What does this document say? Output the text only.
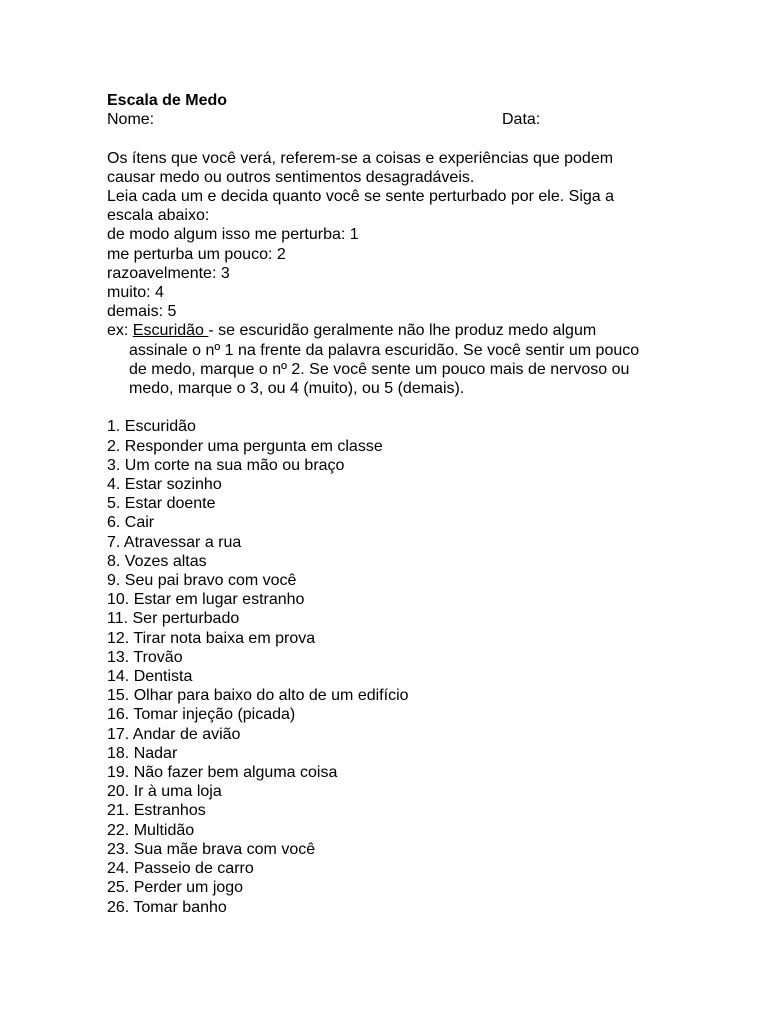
Escala de Medo
Nome:	Data:
Os ítens que você verá, referem-se a coisas e experiências que podem
causar medo ou outros sentimentos desagradáveis.
Leia cada um e decida quanto você se sente perturbado por ele. Siga a
escala abaixo:
de modo algum isso me perturba: 1
me perturba um pouco: 2
razoavelmente: 3
muito: 4
demais: 5
ex: Escuridão - se escuridão geralmente não lhe produz medo algum
assinale o nº 1 na frente da palavra escuridão. Se você sentir um pouco
de medo, marque o nº 2. Se você sente um pouco mais de nervoso ou
medo, marque o 3, ou 4 (muito), ou 5 (demais).
1. Escuridão
2. Responder uma pergunta em classe
3. Um corte na sua mão ou braço
4. Estar sozinho
5. Estar doente
6. Cair
7. Atravessar a rua
8. Vozes altas
9. Seu pai bravo com você
10. Estar em lugar estranho
11. Ser perturbado
12. Tirar nota baixa em prova
13. Trovão
14. Dentista
15. Olhar para baixo do alto de um edifício
16. Tomar injeção (picada)
17. Andar de avião
18. Nadar
19. Não fazer bem alguma coisa
20. Ir à uma loja
21. Estranhos
22. Multidão
23. Sua mãe brava com você
24. Passeio de carro
25. Perder um jogo
26. Tomar banho
